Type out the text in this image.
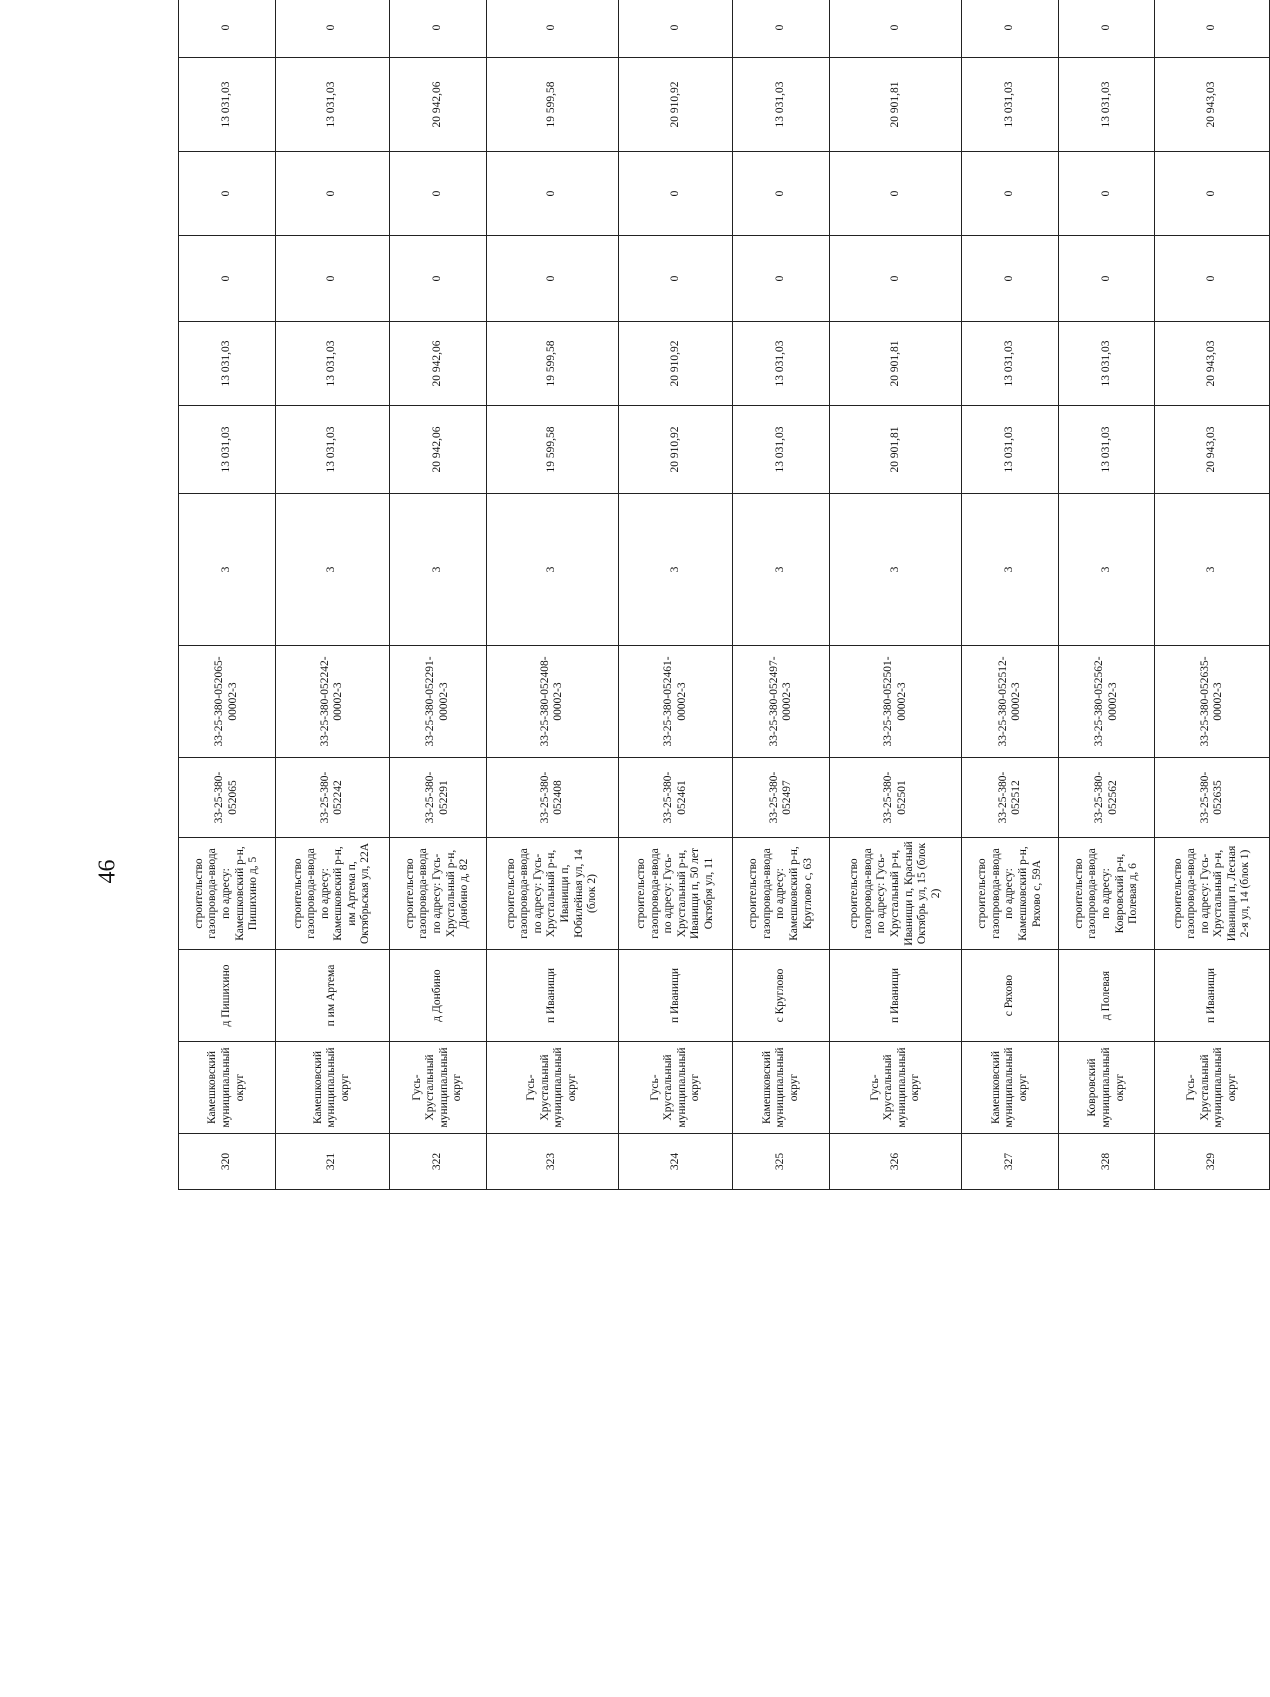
46
320	Камешковский муниципальный округ	д Пишихино	строительство газопровода-ввода по адресу: Камешковский р-н, Пишихино д, 5	33-25-380-052065	33-25-380-052065-00002-3	3	13 031,03	13 031,03	0	0	13 031,03	0
321	Камешковский муниципальный округ	п им Артема	строительство газопровода-ввода по адресу: Камешковский р-н, им Артема п, Октябрьская ул, 22А	33-25-380-052242	33-25-380-052242-00002-3	3	13 031,03	13 031,03	0	0	13 031,03	0
322	Гусь-Хрустальный муниципальный округ	д Донбино	строительство газопровода-ввода по адресу: Гусь-Хрустальный р-н, Донбино д, 82	33-25-380-052291	33-25-380-052291-00002-3	3	20 942,06	20 942,06	0	0	20 942,06	0
323	Гусь-Хрустальный муниципальный округ	п Иванищи	строительство газопровода-ввода по адресу: Гусь-Хрустальный р-н, Иванищи п, Юбилейная ул, 14 (блок 2)	33-25-380-052408	33-25-380-052408-00002-3	3	19 599,58	19 599,58	0	0	19 599,58	0
324	Гусь-Хрустальный муниципальный округ	п Иванищи	строительство газопровода-ввода по адресу: Гусь-Хрустальный р-н, Иванищи п, 50 лет Октября ул, 11	33-25-380-052461	33-25-380-052461-00002-3	3	20 910,92	20 910,92	0	0	20 910,92	0
325	Камешковский муниципальный округ	с Круглово	строительство газопровода-ввода по адресу: Камешковский р-н, Круглово с, 63	33-25-380-052497	33-25-380-052497-00002-3	3	13 031,03	13 031,03	0	0	13 031,03	0
326	Гусь-Хрустальный муниципальный округ	п Иванищи	строительство газопровода-ввода по адресу: Гусь-Хрустальный р-н, Иванищи п, Красный Октябрь ул, 15 (блок 2)	33-25-380-052501	33-25-380-052501-00002-3	3	20 901,81	20 901,81	0	0	20 901,81	0
327	Камешковский муниципальный округ	с Ряхово	строительство газопровода-ввода по адресу: Камешковский р-н, Ряхово с, 59А	33-25-380-052512	33-25-380-052512-00002-3	3	13 031,03	13 031,03	0	0	13 031,03	0
328	Ковровский муниципальный округ	д Полевая	строительство газопровода-ввода по адресу: Ковровский р-н, Полевая д, 6	33-25-380-052562	33-25-380-052562-00002-3	3	13 031,03	13 031,03	0	0	13 031,03	0
329	Гусь-Хрустальный муниципальный округ	п Иванищи	строительство газопровода-ввода по адресу: Гусь-Хрустальный р-н, Иванищи п, Лесная 2-я ул, 14 (блок 1)	33-25-380-052635	33-25-380-052635-00002-3	3	20 943,03	20 943,03	0	0	20 943,03	0
